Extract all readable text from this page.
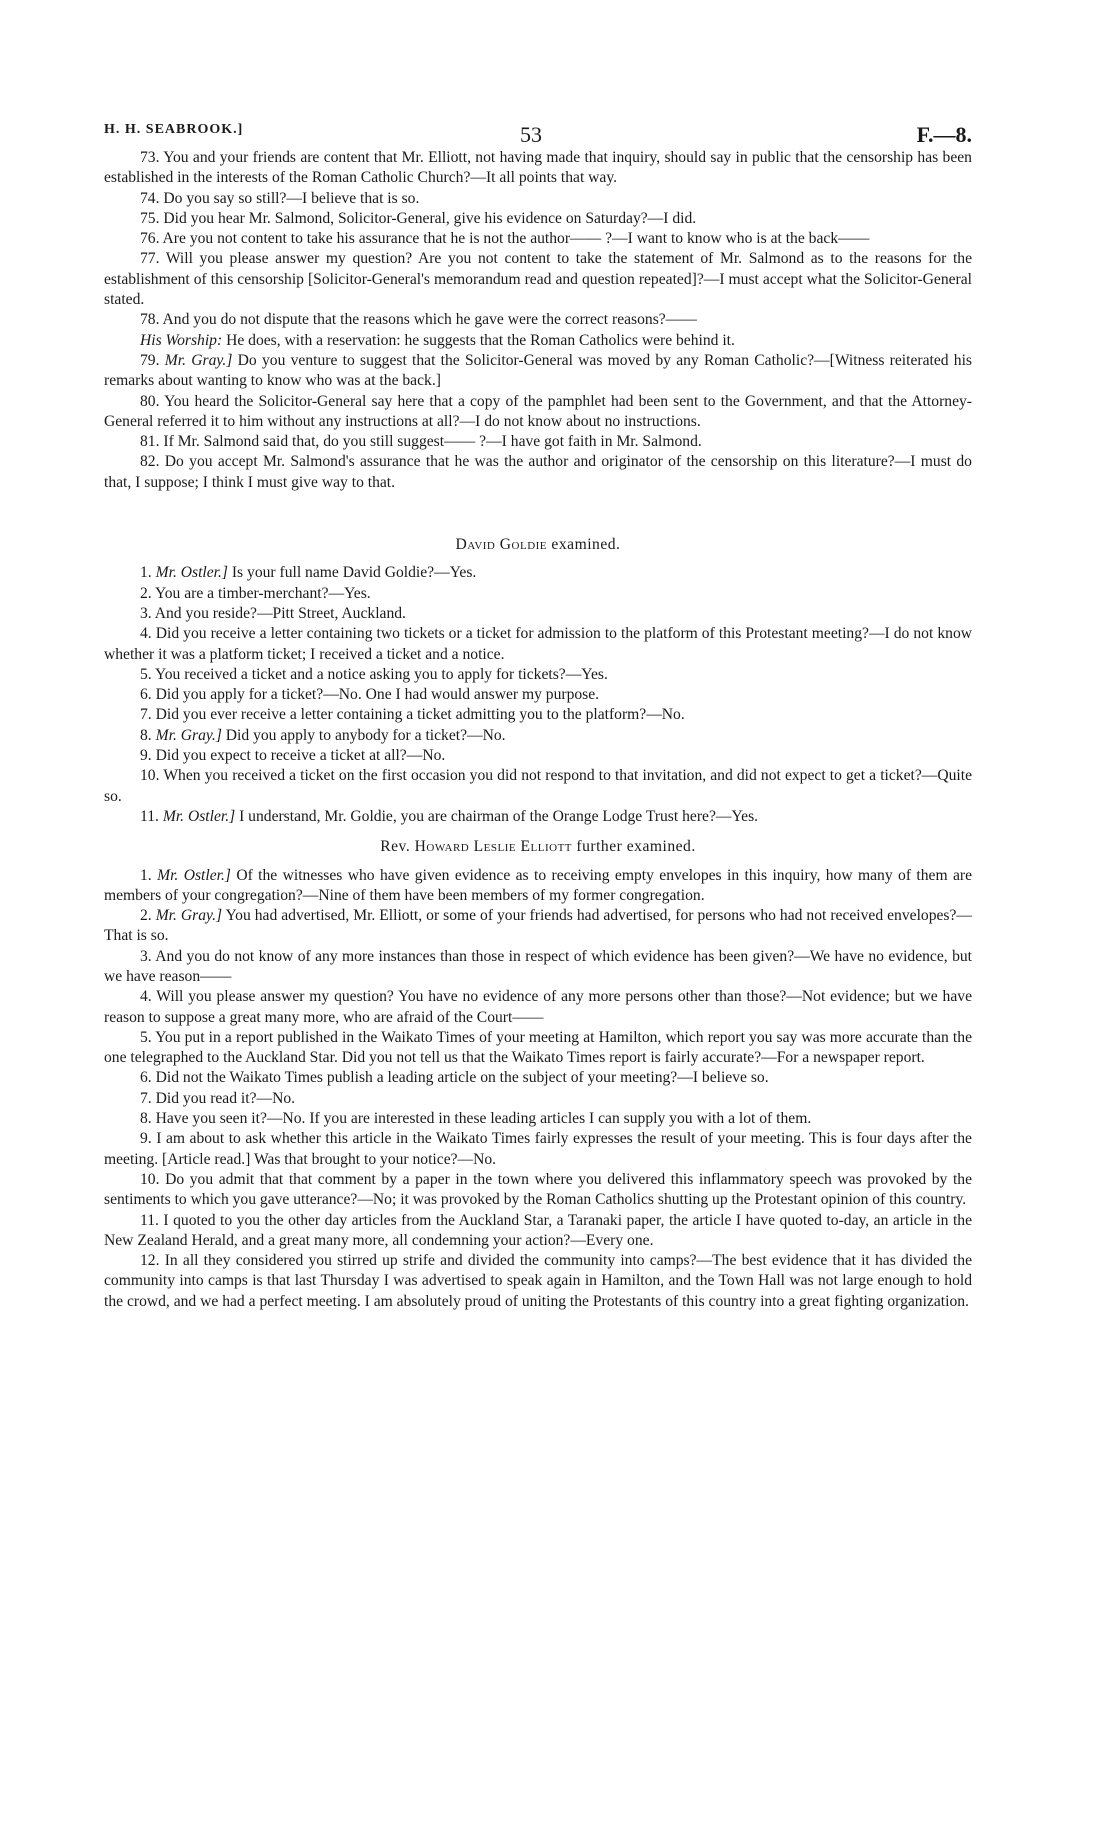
H. H. SEABROOK.]	53	F.—8.

73. You and your friends are content that Mr. Elliott, not having made that inquiry, should say in public that the censorship has been established in the interests of the Roman Catholic Church?—It all points that way.

74. Do you say so still?—I believe that is so.

75. Did you hear Mr. Salmond, Solicitor-General, give his evidence on Saturday?—I did.

76. Are you not content to take his assurance that he is not the author—— ?—I want to know who is at the back——

77. Will you please answer my question? Are you not content to take the statement of Mr. Salmond as to the reasons for the establishment of this censorship [Solicitor-General's memorandum read and question repeated]?—I must accept what the Solicitor-General stated.

78. And you do not dispute that the reasons which he gave were the correct reasons?——

His Worship: He does, with a reservation: he suggests that the Roman Catholics were behind it.

79. Mr. Gray.] Do you venture to suggest that the Solicitor-General was moved by any Roman Catholic?—[Witness reiterated his remarks about wanting to know who was at the back.]

80. You heard the Solicitor-General say here that a copy of the pamphlet had been sent to the Government, and that the Attorney-General referred it to him without any instructions at all?—I do not know about no instructions.

81. If Mr. Salmond said that, do you still suggest—— ?—I have got faith in Mr. Salmond.

82. Do you accept Mr. Salmond's assurance that he was the author and originator of the censorship on this literature?—I must do that, I suppose; I think I must give way to that.

David Goldie examined.

1. Mr. Ostler.] Is your full name David Goldie?—Yes.

2. You are a timber-merchant?—Yes.

3. And you reside?—Pitt Street, Auckland.

4. Did you receive a letter containing two tickets or a ticket for admission to the platform of this Protestant meeting?—I do not know whether it was a platform ticket; I received a ticket and a notice.

5. You received a ticket and a notice asking you to apply for tickets?—Yes.

6. Did you apply for a ticket?—No. One I had would answer my purpose.

7. Did you ever receive a letter containing a ticket admitting you to the platform?—No.

8. Mr. Gray.] Did you apply to anybody for a ticket?—No.

9. Did you expect to receive a ticket at all?—No.

10. When you received a ticket on the first occasion you did not respond to that invitation, and did not expect to get a ticket?—Quite so.

11. Mr. Ostler.] I understand, Mr. Goldie, you are chairman of the Orange Lodge Trust here?—Yes.

Rev. Howard Leslie Elliott further examined.

1. Mr. Ostler.] Of the witnesses who have given evidence as to receiving empty envelopes in this inquiry, how many of them are members of your congregation?—Nine of them have been members of my former congregation.

2. Mr. Gray.] You had advertised, Mr. Elliott, or some of your friends had advertised, for persons who had not received envelopes?—That is so.

3. And you do not know of any more instances than those in respect of which evidence has been given?—We have no evidence, but we have reason——

4. Will you please answer my question? You have no evidence of any more persons other than those?—Not evidence; but we have reason to suppose a great many more, who are afraid of the Court——

5. You put in a report published in the Waikato Times of your meeting at Hamilton, which report you say was more accurate than the one telegraphed to the Auckland Star. Did you not tell us that the Waikato Times report is fairly accurate?—For a newspaper report.

6. Did not the Waikato Times publish a leading article on the subject of your meeting?—I believe so.

7. Did you read it?—No.

8. Have you seen it?—No. If you are interested in these leading articles I can supply you with a lot of them.

9. I am about to ask whether this article in the Waikato Times fairly expresses the result of your meeting. This is four days after the meeting. [Article read.] Was that brought to your notice?—No.

10. Do you admit that that comment by a paper in the town where you delivered this inflammatory speech was provoked by the sentiments to which you gave utterance?—No; it was provoked by the Roman Catholics shutting up the Protestant opinion of this country.

11. I quoted to you the other day articles from the Auckland Star, a Taranaki paper, the article I have quoted to-day, an article in the New Zealand Herald, and a great many more, all condemning your action?—Every one.

12. In all they considered you stirred up strife and divided the community into camps?—The best evidence that it has divided the community into camps is that last Thursday I was advertised to speak again in Hamilton, and the Town Hall was not large enough to hold the crowd, and we had a perfect meeting. I am absolutely proud of uniting the Protestants of this country into a great fighting organization.
